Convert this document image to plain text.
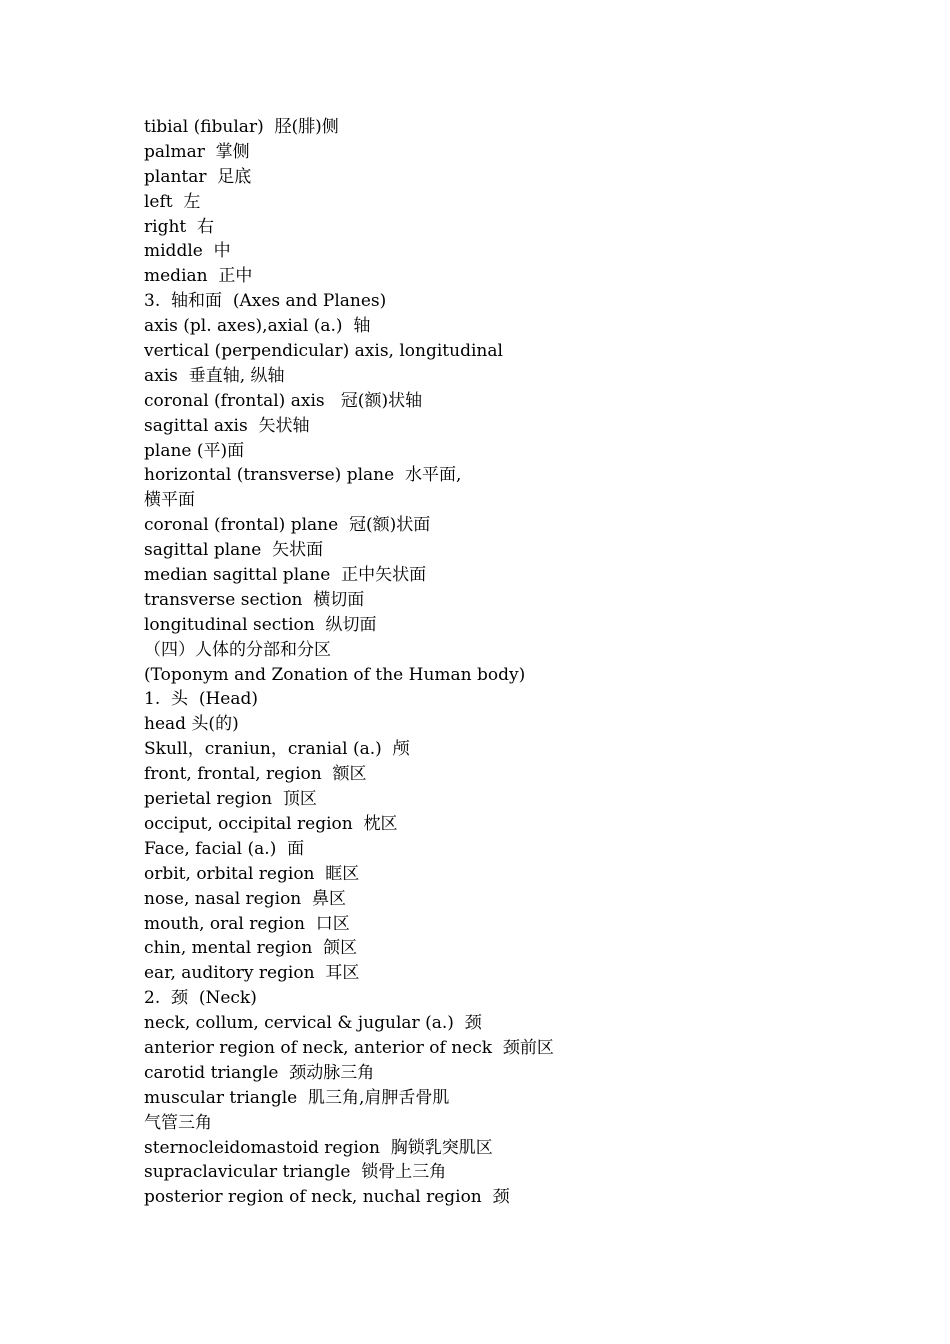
tibial (fibular)  胫(腓)侧
palmar  掌侧
plantar  足底
left  左
right  右
middle  中
median  正中
3.  轴和面  (Axes and Planes)
axis (pl. axes),axial (a.)  轴
vertical (perpendicular) axis, longitudinal
axis  垂直轴, 纵轴
coronal (frontal) axis   冠(额)状轴
sagittal axis  矢状轴
plane (平)面
horizontal (transverse) plane  水平面,
横平面
coronal (frontal) plane  冠(额)状面
sagittal plane  矢状面
median sagittal plane  正中矢状面
transverse section  横切面
longitudinal section  纵切面
（四）人体的分部和分区
(Toponym and Zonation of the Human body)
1.  头  (Head)
head 头(的)
Skull，craniun，cranial (a.)  颅
front, frontal, region  额区
perietal region  顶区
occiput, occipital region  枕区
Face, facial (a.)  面
orbit, orbital region  眶区
nose, nasal region  鼻区
mouth, oral region  口区
chin, mental region  颌区
ear, auditory region  耳区
2.  颈  (Neck)
neck, collum, cervical & jugular (a.)  颈
anterior region of neck, anterior of neck  颈前区
carotid triangle  颈动脉三角
muscular triangle  肌三角,肩胛舌骨肌
气管三角
sternocleidomastoid region  胸锁乳突肌区
supraclavicular triangle  锁骨上三角
posterior region of neck, nuchal region  颈
